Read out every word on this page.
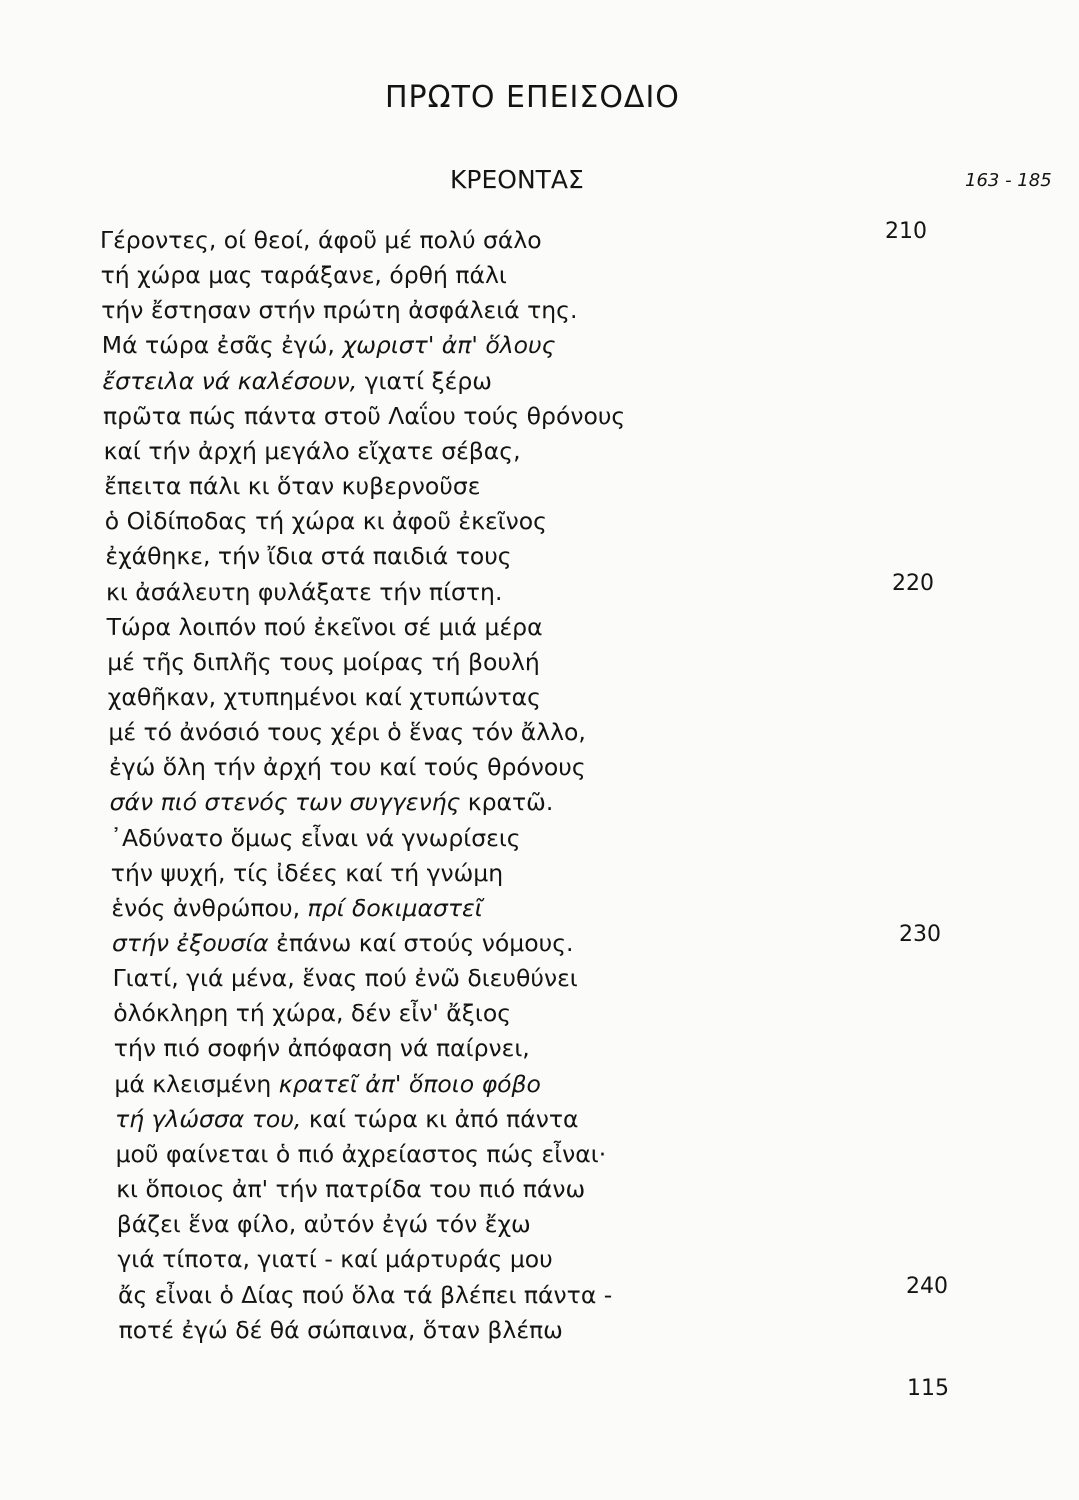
ΠΡΩΤΟ ΕΠΕΙΣΟΔΙΟ
ΚΡΕΟΝΤΑΣ	163 - 185
Γέροντες, οί θεοί, άφοῦ μέ πολύ σάλο
τή χώρα μας ταράξανε, όρθή πάλι
τήν ἔστησαν στήν πρώτη ἀσφάλειά της.
Μά τώρα ἐσᾶς ἐγώ, χωριστ' ἀπ' ὅλους
ἔστειλα νά καλέσουν, γιατί ξέρω
πρῶτα πώς πάντα στοῦ Λαΐου τούς θρόνους
καί τήν ἀρχή μεγάλο εἴχατε σέβας,
ἔπειτα πάλι κι ὅταν κυβερνοῦσε
ὁ Οἰδίποδας τή χώρα κι ἀφοῦ ἐκεῖνος
ἐχάθηκε, τήν ἴδια στά παιδιά τους
κι ἀσάλευτη φυλάξατε τήν πίστη.
Τώρα λοιπόν πού ἐκεῖνοι σέ μιά μέρα
μέ τῆς διπλῆς τους μοίρας τή βουλή
χαθῆκαν, χτυπημένοι καί χτυπώντας
μέ τό ἀνόσιό τους χέρι ὁ ἕνας τόν ἄλλο,
ἐγώ ὅλη τήν ἀρχή του καί τούς θρόνους
σάν πιό στενός των συγγενής κρατῶ.
᾽Αδύνατο ὅμως εἶναι νά γνωρίσεις
τήν ψυχή, τίς ἰδέες καί τή γνώμη
ἑνός ἀνθρώπου, πρί δοκιμαστεῖ
στήν ἐξουσία ἐπάνω καί στούς νόμους.
Γιατί, γιά μένα, ἕνας πού ἐνῶ διευθύνει
ὁλόκληρη τή χώρα, δέν εἶν' ἄξιος
τήν πιό σοφήν ἀπόφαση νά παίρνει,
μά κλεισμένη κρατεῖ ἀπ' ὅποιο φόβο
τή γλώσσα του, καί τώρα κι ἀπό πάντα
μοῦ φαίνεται ὁ πιό ἀχρείαστος πώς εἶναι·
κι ὅποιος ἀπ' τήν πατρίδα του πιό πάνω
βάζει ἕνα φίλο, αὐτόν ἐγώ τόν ἔχω
γιά τίποτα, γιατί - καί μάρτυράς μου
ἄς εἶναι ὁ Δίας πού ὅλα τά βλέπει πάντα -
ποτέ ἐγώ δέ θά σώπαινα, ὅταν βλέπω
210
220
230
240
115
